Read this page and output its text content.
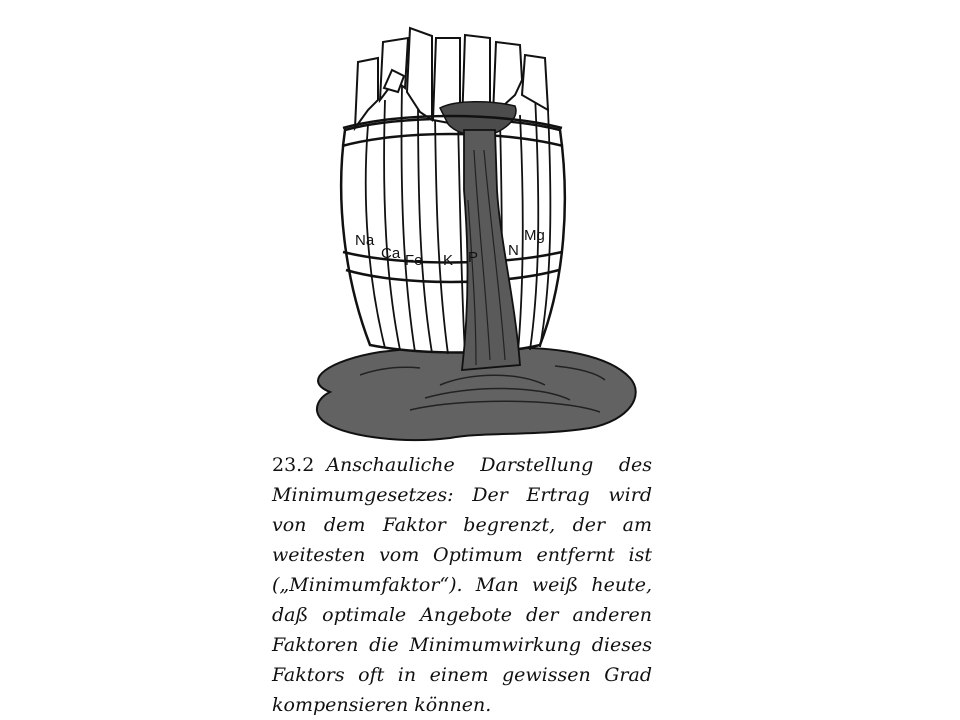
Na
Ca Fe K P N
Mg

23.2 Anschauliche Darstellung des Minimumgesetzes: Der Ertrag wird von dem Faktor begrenzt, der am weitesten vom Optimum entfernt ist („Minimumfaktor“). Man weiß heute, daß optimale Angebote der anderen Faktoren die Minimumwirkung dieses Faktors oft in einem gewissen Grad kompensieren können.
